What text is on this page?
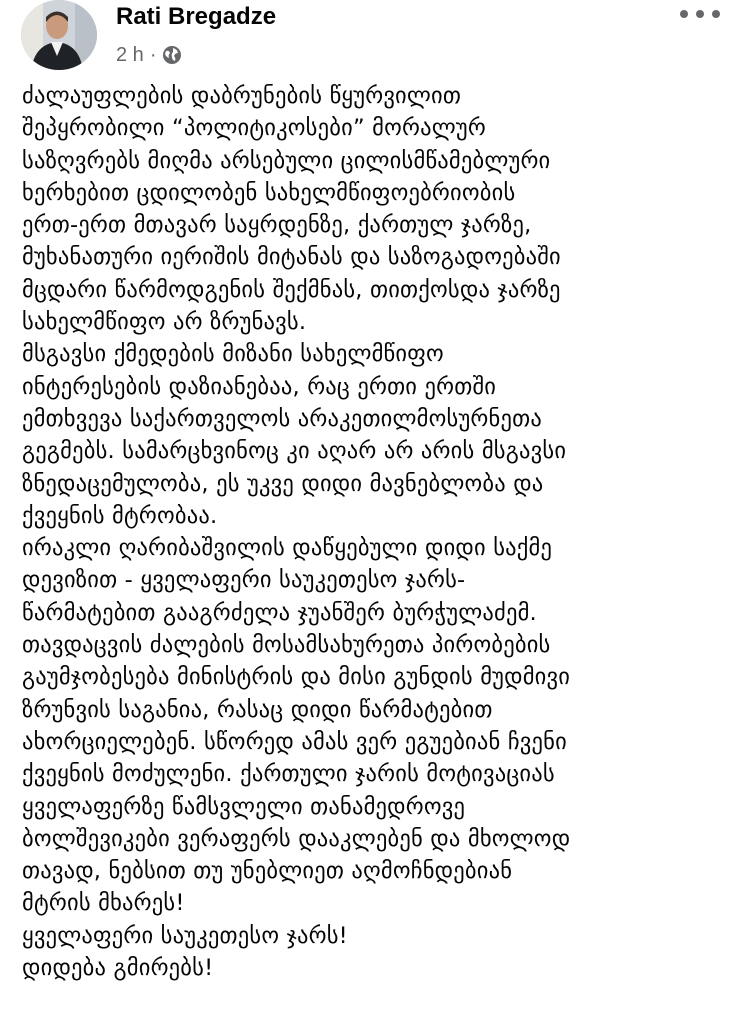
Rati Bregadze
2 h ·
ძალაუფლების დაბრუნების წყურვილით
შეპყრობილი “პოლიტიკოსები” მორალურ
საზღვრებს მიღმა არსებული ცილისმწამებლური
ხერხებით ცდილობენ სახელმწიფოებრიობის
ერთ-ერთ მთავარ საყრდენზე, ქართულ ჯარზე,
მუხანათური იერიშის მიტანას და საზოგადოებაში
მცდარი წარმოდგენის შექმნას, თითქოსდა ჯარზე
სახელმწიფო არ ზრუნავს.
მსგავსი ქმედების მიზანი სახელმწიფო
ინტერესების დაზიანებაა, რაც ერთი ერთში
ემთხვევა საქართველოს არაკეთილმოსურნეთა
გეგმებს. სამარცხვინოც კი აღარ არ არის მსგავსი
ზნედაცემულობა, ეს უკვე დიდი მავნებლობა და
ქვეყნის მტრობაა.
ირაკლი ღარიბაშვილის დაწყებული დიდი საქმე
დევიზით - ყველაფერი საუკეთესო ჯარს-
წარმატებით გააგრძელა ჯუანშერ ბურჭულაძემ.
თავდაცვის ძალების მოსამსახურეთა პირობების
გაუმჯობესება მინისტრის და მისი გუნდის მუდმივი
ზრუნვის საგანია, რასაც დიდი წარმატებით
ახორციელებენ. სწორედ ამას ვერ ეგუებიან ჩვენი
ქვეყნის მოძულენი. ქართული ჯარის მოტივაციას
ყველაფერზე წამსვლელი თანამედროვე
ბოლშევიკები ვერაფერს დააკლებენ და მხოლოდ
თავად, ნებსით თუ უნებლიეთ აღმოჩნდებიან
მტრის მხარეს!
ყველაფერი საუკეთესო ჯარს!
დიდება გმირებს!
